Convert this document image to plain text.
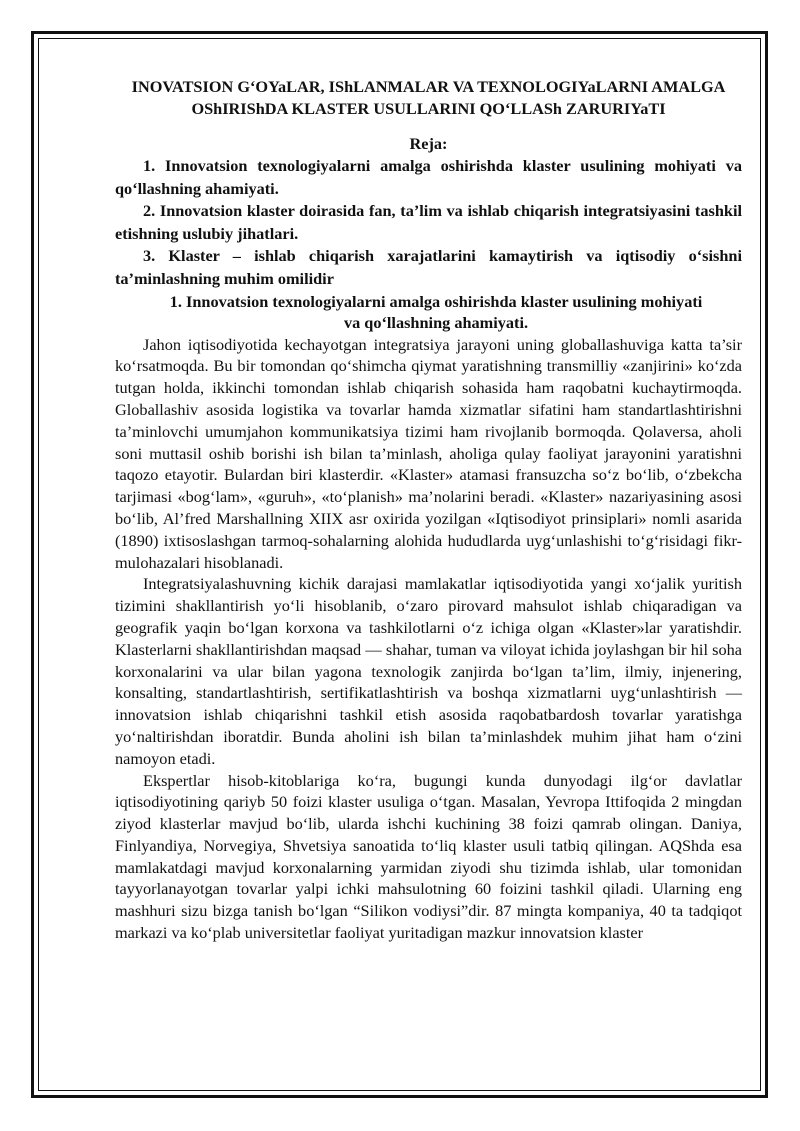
INOVATSION G‘OYaLAR, IShLANMALAR VA TEXNOLOGIYaLARNI AMALGA OShIRIShDA KLASTER USULLARINI QO‘LLASh ZARURIYaTI
Reja:
1. Innovatsion texnologiyalarni amalga oshirishda klaster usulining mohiyati va qo‘llashning ahamiyati.
2. Innovatsion klaster doirasida fan, ta’lim va ishlab chiqarish integratsiyasini tashkil etishning uslubiy jihatlari.
3. Klaster – ishlab chiqarish xarajatlarini kamaytirish va iqtisodiy o‘sishni ta’minlashning muhim omilidir
1. Innovatsion texnologiyalarni amalga oshirishda klaster usulining mohiyati va qo‘llashning ahamiyati.

Jahon iqtisodiyotida kechayotgan integratsiya jarayoni uning globallashuviga katta ta’sir ko‘rsatmoqda. Bu bir tomondan qo‘shimcha qiymat yaratishning transmilliy «zanjirini» ko‘zda tutgan holda, ikkinchi tomondan ishlab chiqarish sohasida ham raqobatni kuchaytirmoqda. Globallashiv asosida logistika va tovarlar hamda xizmatlar sifatini ham standartlashtirishni ta’minlovchi umumjahon kommunikatsiya tizimi ham rivojlanib bormoqda. Qolaversa, aholi soni muttasil oshib borishi ish bilan ta’minlash, aholiga qulay faoliyat jarayonini yaratishni taqozo etayotir. Bulardan biri klasterdir. «Klaster» atamasi fransuzcha so‘z bo‘lib, o‘zbekcha tarjimasi «bog‘lam», «guruh», «to‘planish» ma’nolarini beradi. «Klaster» nazariyasining asosi bo‘lib, Al’fred Marshallning XIIX asr oxirida yozilgan «Iqtisodiyot prinsiplari» nomli asarida (1890) ixtisoslashgan tarmoq-sohalarning alohida hududlarda uyg‘unlashishi to‘g‘risidagi fikr-mulohazalari hisoblanadi.

Integratsiyalashuvning kichik darajasi mamlakatlar iqtisodiyotida yangi xo‘jalik yuritish tizimini shakllantirish yo‘li hisoblanib, o‘zaro pirovard mahsulot ishlab chiqaradigan va geografik yaqin bo‘lgan korxona va tashkilotlarni o‘z ichiga olgan «Klaster»lar yaratishdir. Klasterlarni shakllantirishdan maqsad — shahar, tuman va viloyat ichida joylashgan bir hil soha korxonalarini va ular bilan yagona texnologik zanjirda bo‘lgan ta’lim, ilmiy, injenering, konsalting, standartlashtirish, sertifikatlashtirish va boshqa xizmatlarni uyg‘unlashtirish — innovatsion ishlab chiqarishni tashkil etish asosida raqobatbardosh tovarlar yaratishga yo‘naltirishdan iboratdir. Bunda aholini ish bilan ta’minlashdek muhim jihat ham o‘zini namoyon etadi.

Ekspertlar hisob-kitoblariga ko‘ra, bugungi kunda dunyodagi ilg‘or davlatlar iqtisodiyotining qariyb 50 foizi klaster usuliga o‘tgan. Masalan, Yevropa Ittifoqida 2 mingdan ziyod klasterlar mavjud bo‘lib, ularda ishchi kuchining 38 foizi qamrab olingan. Daniya, Finlyandiya, Norvegiya, Shvetsiya sanoatida to‘liq klaster usuli tatbiq qilingan. AQShda esa mamlakatdagi mavjud korxonalarning yarmidan ziyodi shu tizimda ishlab, ular tomonidan tayyorlanayotgan tovarlar yalpi ichki mahsulotning 60 foizini tashkil qiladi. Ularning eng mashhuri sizu bizga tanish bo‘lgan “Silikon vodiysi”dir. 87 mingta kompaniya, 40 ta tadqiqot markazi va ko‘plab universitetlar faoliyat yuritadigan mazkur innovatsion klaster
